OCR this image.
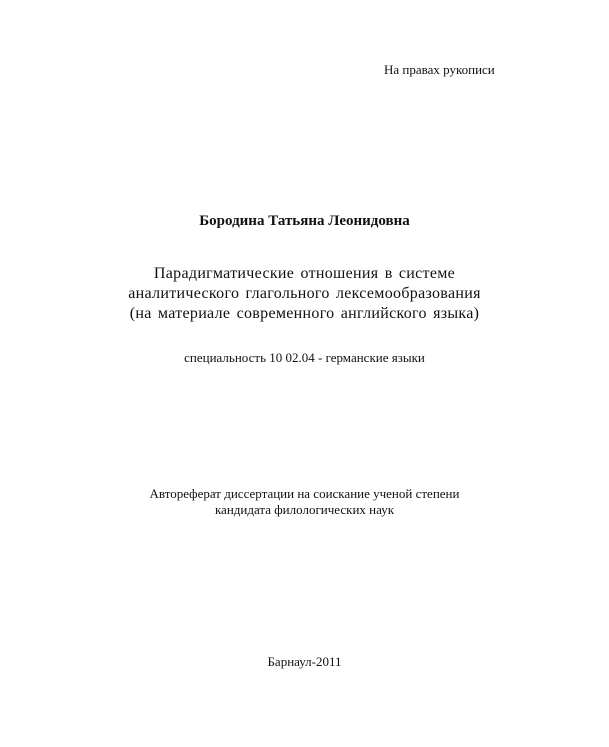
На правах рукописи
Бородина Татьяна Леонидовна
Парадигматические отношения в системе
аналитического глагольного лексемообразования
(на материале современного английского языка)
специальность 10 02.04 - германские языки
Автореферат диссертации на соискание ученой степени
кандидата филологических наук
Барнаул-2011
